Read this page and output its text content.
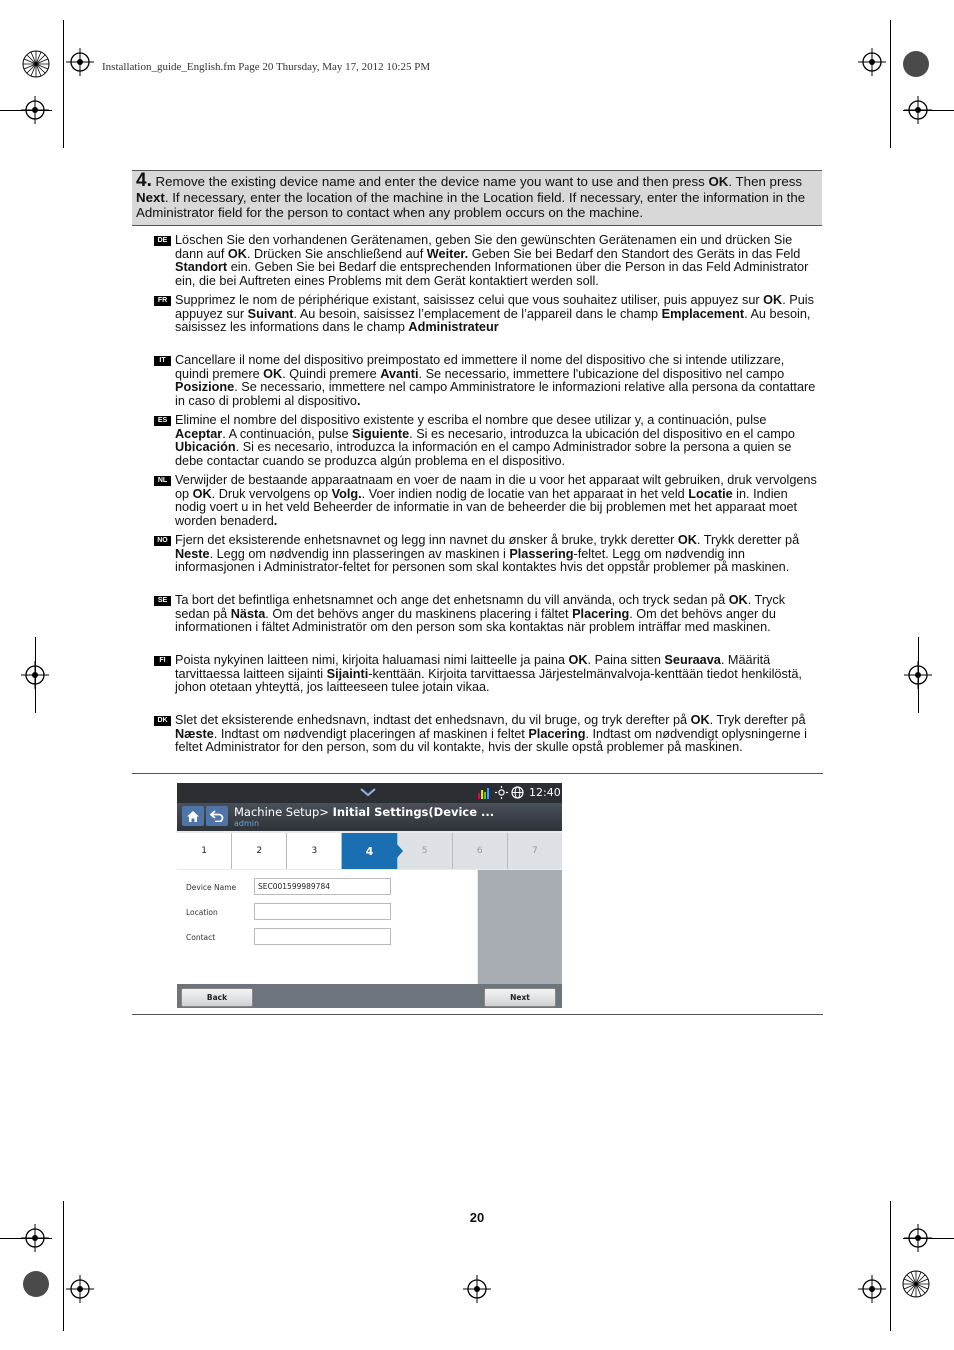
Installation_guide_English.fm Page 20 Thursday, May 17, 2012 10:25 PM
4. Remove the existing device name and enter the device name you want to use and then press OK. Then press Next. If necessary, enter the location of the machine in the Location field. If necessary, enter the information in the Administrator field for the person to contact when any problem occurs on the machine.
DE Löschen Sie den vorhandenen Gerätenamen, geben Sie den gewünschten Gerätenamen ein und drücken Sie dann auf OK. Drücken Sie anschließend auf Weiter. Geben Sie bei Bedarf den Standort des Geräts in das Feld Standort ein. Geben Sie bei Bedarf die entsprechenden Informationen über die Person in das Feld Administrator ein, die bei Auftreten eines Problems mit dem Gerät kontaktiert werden soll.
FR Supprimez le nom de périphérique existant, saisissez celui que vous souhaitez utiliser, puis appuyez sur OK. Puis appuyez sur Suivant. Au besoin, saisissez l’emplacement de l’appareil dans le champ Emplacement. Au besoin, saisissez les informations dans le champ Administrateur
IT Cancellare il nome del dispositivo preimpostato ed immettere il nome del dispositivo che si intende utilizzare, quindi premere OK. Quindi premere Avanti. Se necessario, immettere l'ubicazione del dispositivo nel campo Posizione. Se necessario, immettere nel campo Amministratore le informazioni relative alla persona da contattare in caso di problemi al dispositivo.
ES Elimine el nombre del dispositivo existente y escriba el nombre que desee utilizar y, a continuación, pulse Aceptar. A continuación, pulse Siguiente. Si es necesario, introduzca la ubicación del dispositivo en el campo Ubicación. Si es necesario, introduzca la información en el campo Administrador sobre la persona a quien se debe contactar cuando se produzca algún problema en el dispositivo.
NL Verwijder de bestaande apparaatnaam en voer de naam in die u voor het apparaat wilt gebruiken, druk vervolgens op OK. Druk vervolgens op Volg.. Voer indien nodig de locatie van het apparaat in het veld Locatie in. Indien nodig voert u in het veld Beheerder de informatie in van de beheerder die bij problemen met het apparaat moet worden benaderd.
NO Fjern det eksisterende enhetsnavnet og legg inn navnet du ønsker å bruke, trykk deretter OK. Trykk deretter på Neste. Legg om nødvendig inn plasseringen av maskinen i Plassering-feltet. Legg om nødvendig inn informasjonen i Administrator-feltet for personen som skal kontaktes hvis det oppstår problemer på maskinen.
SE Ta bort det befintliga enhetsnamnet och ange det enhetsnamn du vill använda, och tryck sedan på OK. Tryck sedan på Nästa. Om det behövs anger du maskinens placering i fältet Placering. Om det behövs anger du informationen i fältet Administratör om den person som ska kontaktas när problem inträffar med maskinen.
FI Poista nykyinen laitteen nimi, kirjoita haluamasi nimi laitteelle ja paina OK. Paina sitten Seuraava. Määritä tarvittaessa laitteen sijainti Sijainti-kenttään. Kirjoita tarvittaessa Järjestelmänvalvoja-kenttään tiedot henkilöstä, johon otetaan yhteyttä, jos laitteeseen tulee jotain vikaa.
DK Slet det eksisterende enhedsnavn, indtast det enhedsnavn, du vil bruge, og tryk derefter på OK. Tryk derefter på Næste. Indtast om nødvendigt placeringen af maskinen i feltet Placering. Indtast om nødvendigt oplysningerne i feltet Administrator for den person, som du vil kontakte, hvis der skulle opstå problemer på maskinen.
12:40
Machine Setup> Initial Settings(Device ...
admin
1	2	3	4	5	6	7
Device Name	SEC001599989784
Location
Contact
Back	Next
20
